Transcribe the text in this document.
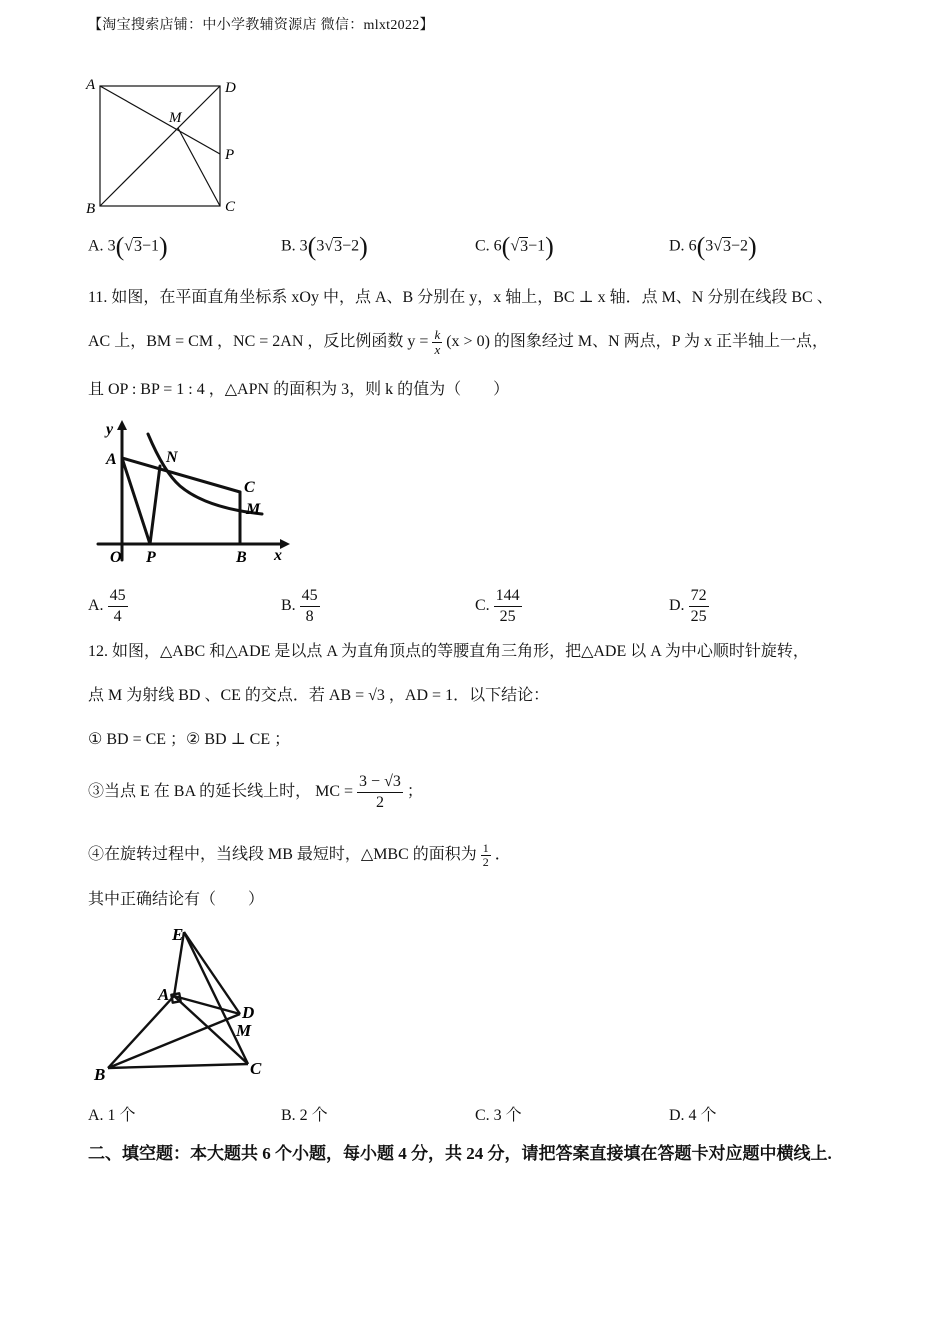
【淘宝搜索店铺：中小学教辅资源店 微信：mlxt2022】
A	D
M
P
B	C
A. 3(√3−1)	B. 3(3√3−2)	C. 6(√3−1)	D. 6(3√3−2)
11. 如图，在平面直角坐标系 xOy 中，点 A、B 分别在 y，x 轴上，BC ⊥ x 轴．点 M、N 分别在线段 BC 、
AC 上，BM = CM ，NC = 2AN ，反比例函数 $y = \frac{k}{x} (x > 0)$ 的图象经过 M、N 两点，P 为 x 正半轴上一点，
且 OP : BP = 1 : 4 ，△APN 的面积为 3，则 k 的值为（　　）
y
A	N
C
M
O P	B x
A. $\frac{45}{4}$	B. $\frac{45}{8}$	C. $\frac{144}{25}$	D. $\frac{72}{25}$
12. 如图，△ABC 和△ADE 是以点 A 为直角顶点的等腰直角三角形，把△ADE 以 A 为中心顺时针旋转，
点 M 为射线 BD 、CE 的交点．若 AB = √3 ，AD = 1．以下结论：
① BD = CE ；② BD ⊥ CE ；
③当点 E 在 BA 的延长线上时， MC = $\frac{3 - √3}{2}$ ；
④在旋转过程中，当线段 MB 最短时，△MBC 的面积为 $\frac{1}{2}$ ．
其中正确结论有（　　）
E
A
D
M
B	C
A. 1 个	B. 2 个	C. 3 个	D. 4 个
二、填空题：本大题共 6 个小题，每小题 4 分，共 24 分，请把答案直接填在答题卡对应题中横线上.
